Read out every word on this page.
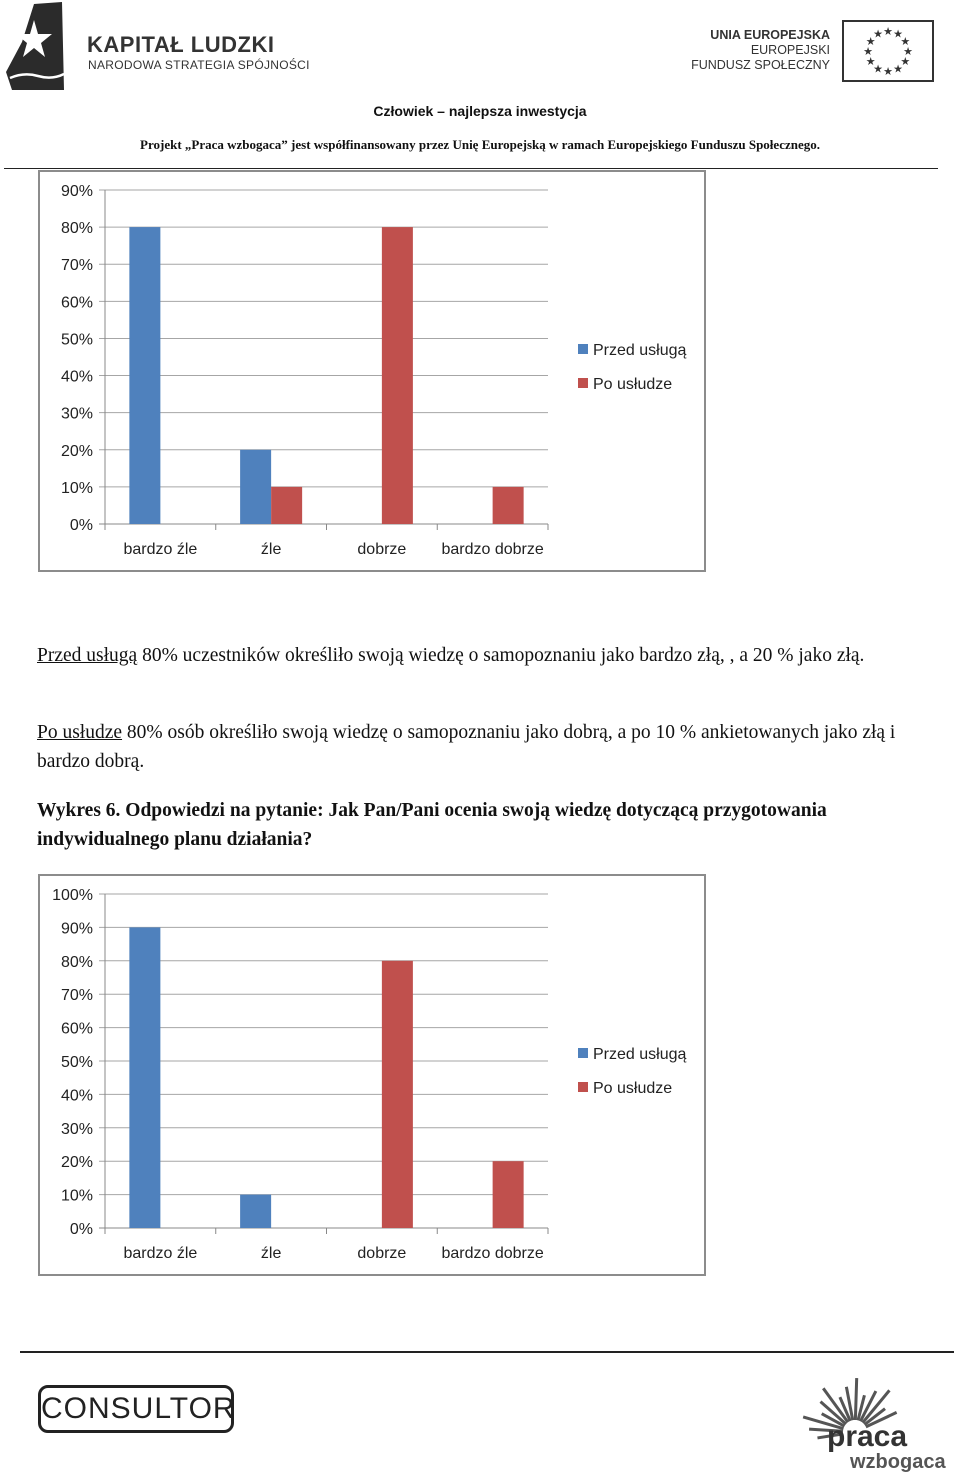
KAPITAŁ LUDZKI
NARODOWA STRATEGIA SPÓJNOŚCI
UNIA EUROPEJSKA
EUROPEJSKI
FUNDUSZ SPOŁECZNY
★
★
★
★
★
★
★
★
★ ★ ★
★
Człowiek – najlepsza inwestycja
Projekt „Praca wzbogaca” jest współfinansowany przez Unię Europejską w ramach Europejskiego Funduszu Społecznego.
0%
10%
20%
30%
40%
50%
60%
70%
80%
90%
bardzo źle	źle	dobrze bardzo dobrze
Przed usługą
Po usłudze
Przed usługą 80% uczestników określiło swoją wiedzę o samopoznaniu jako bardzo złą, , a 20 % jako złą.
Po usłudze 80% osób określiło swoją wiedzę o samopoznaniu jako dobrą, a po 10 % ankietowanych jako złą i bardzo dobrą.
Wykres 6. Odpowiedzi na pytanie: Jak Pan/Pani ocenia swoją wiedzę dotyczącą przygotowania indywidualnego planu działania?
0%
10%
20%
30%
40%
50%
60%
70%
80%
90%
100%
bardzo źle	źle	dobrze bardzo dobrze
Przed usługą
Po usłudze
CONSULTOR
praca
wzbogaca
